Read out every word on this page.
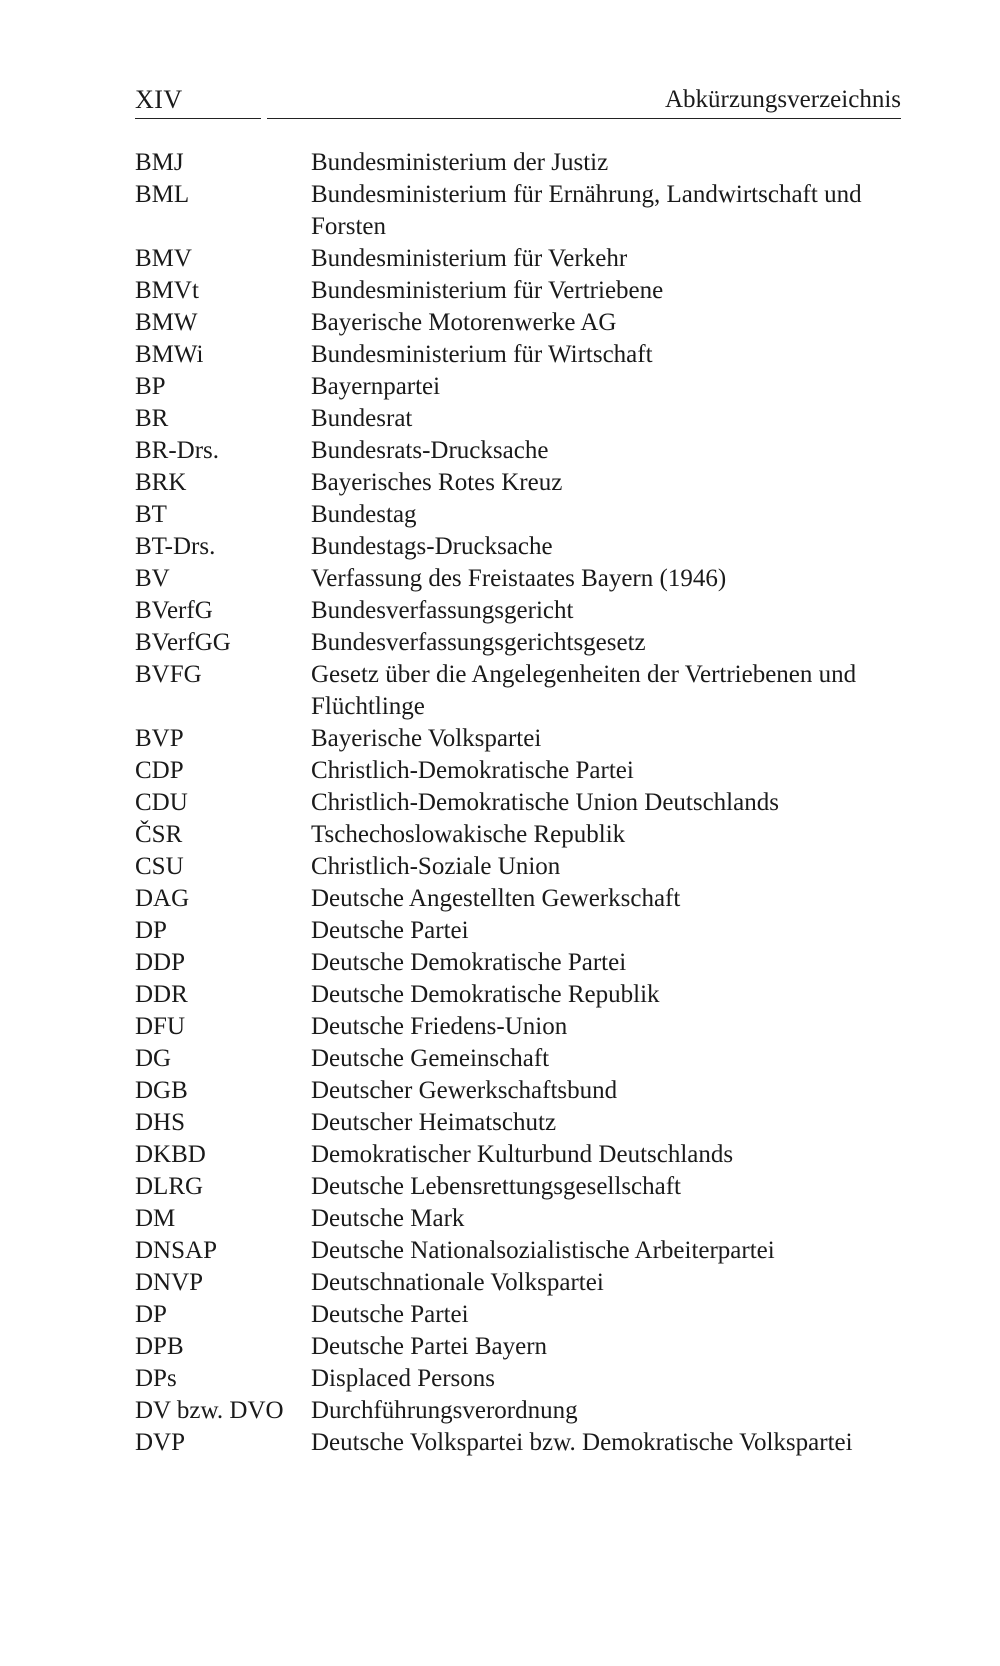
XIV	Abkürzungsverzeichnis
BMJ	Bundesministerium der Justiz
BML	Bundesministerium für Ernährung, Landwirtschaft und Forsten
BMV	Bundesministerium für Verkehr
BMVt	Bundesministerium für Vertriebene
BMW	Bayerische Motorenwerke AG
BMWi	Bundesministerium für Wirtschaft
BP	Bayernpartei
BR	Bundesrat
BR-Drs.	Bundesrats-Drucksache
BRK	Bayerisches Rotes Kreuz
BT	Bundestag
BT-Drs.	Bundestags-Drucksache
BV	Verfassung des Freistaates Bayern (1946)
BVerfG	Bundesverfassungsgericht
BVerfGG	Bundesverfassungsgerichtsgesetz
BVFG	Gesetz über die Angelegenheiten der Vertriebenen und Flüchtlinge
BVP	Bayerische Volkspartei
CDP	Christlich-Demokratische Partei
CDU	Christlich-Demokratische Union Deutschlands
ČSR	Tschechoslowakische Republik
CSU	Christlich-Soziale Union
DAG	Deutsche Angestellten Gewerkschaft
DP	Deutsche Partei
DDP	Deutsche Demokratische Partei
DDR	Deutsche Demokratische Republik
DFU	Deutsche Friedens-Union
DG	Deutsche Gemeinschaft
DGB	Deutscher Gewerkschaftsbund
DHS	Deutscher Heimatschutz
DKBD	Demokratischer Kulturbund Deutschlands
DLRG	Deutsche Lebensrettungsgesellschaft
DM	Deutsche Mark
DNSAP	Deutsche Nationalsozialistische Arbeiterpartei
DNVP	Deutschnationale Volkspartei
DP	Deutsche Partei
DPB	Deutsche Partei Bayern
DPs	Displaced Persons
DV bzw. DVO	Durchführungsverordnung
DVP	Deutsche Volkspartei bzw. Demokratische Volkspartei
